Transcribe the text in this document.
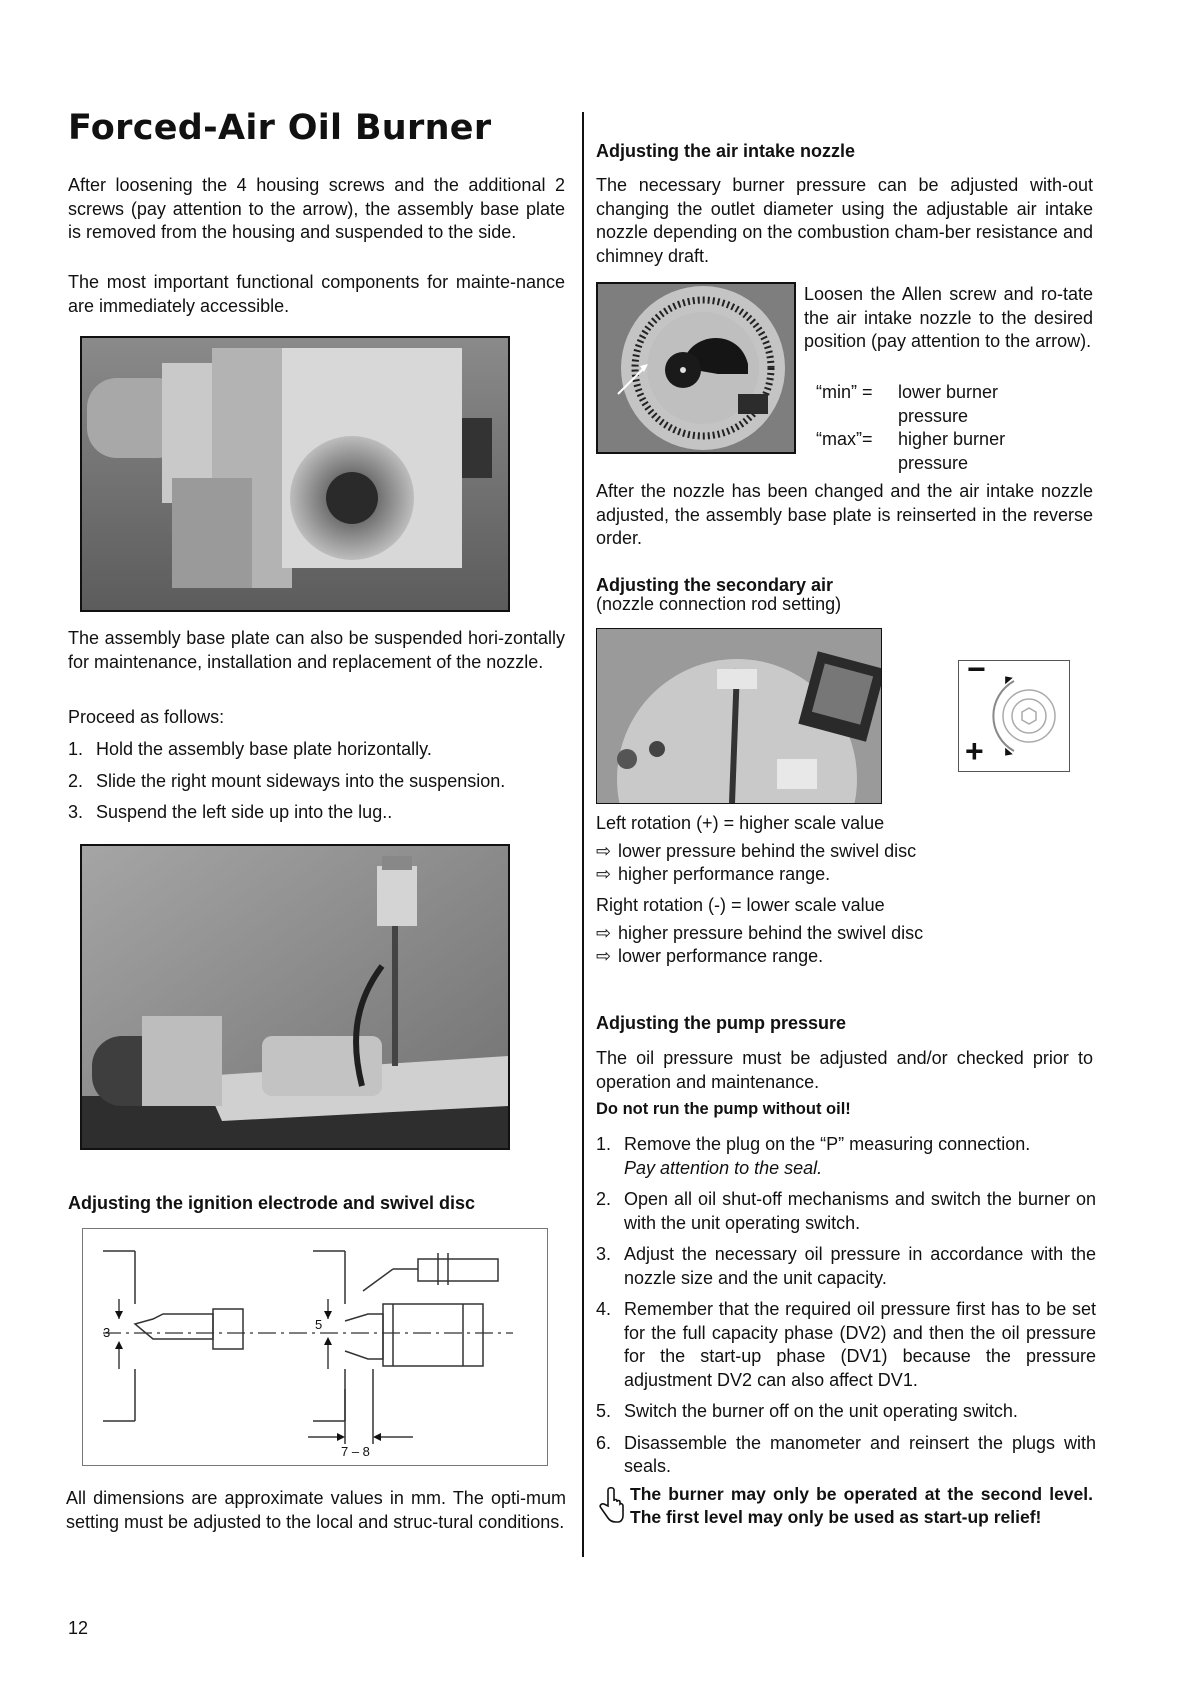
Forced-Air Oil Burner

After loosening the 4 housing screws and the additional 2 screws (pay attention to the arrow), the assembly base plate is removed from the housing and suspended to the side.

The most important functional components for mainte-nance are immediately accessible.

The assembly base plate can also be suspended hori-zontally for maintenance, installation and replacement of the nozzle.

Proceed as follows:

1. Hold the assembly base plate horizontally.
2. Slide the right mount sideways into the suspension.
3. Suspend the left side up into the lug..

Adjusting the ignition electrode and swivel disc

3
5
7 – 8

All dimensions are approximate values in mm. The opti-mum setting must be adjusted to the local and struc-tural conditions.

Adjusting the air intake nozzle

The necessary burner pressure can be adjusted with-out changing the outlet diameter using the adjustable air intake nozzle depending on the combustion cham-ber resistance and chimney draft.

Loosen the Allen screw and ro-tate the air intake nozzle to the desired position (pay attention to the arrow).

“min” =	lower burner pressure
“max”=	higher burner pressure

After the nozzle has been changed and the air intake nozzle adjusted, the assembly base plate is reinserted in the reverse order.

Adjusting the secondary air

(nozzle connection rod setting)

−
+
Left rotation (+) = higher scale value
⇨ lower pressure behind the swivel disc
⇨ higher performance range.
Right rotation (-) = lower scale value
⇨ higher pressure behind the swivel disc
⇨ lower performance range.

Adjusting the pump pressure

The oil pressure must be adjusted and/or checked prior to operation and maintenance.

Do not run the pump without oil!

1. Remove the plug on the “P” measuring connection.
Pay attention to the seal.
2. Open all oil shut-off mechanisms and switch the burner on with the unit operating switch.
3. Adjust the necessary oil pressure in accordance with the nozzle size and the unit capacity.
4. Remember that the required oil pressure first has to be set for the full capacity phase (DV2) and then the oil pressure for the start-up phase (DV1) because the pressure adjustment DV2 can also affect DV1.
5. Switch the burner off on the unit operating switch.
6. Disassemble the manometer and reinsert the plugs with seals.

The burner may only be operated at the second level. The first level may only be used as start-up relief!

12
